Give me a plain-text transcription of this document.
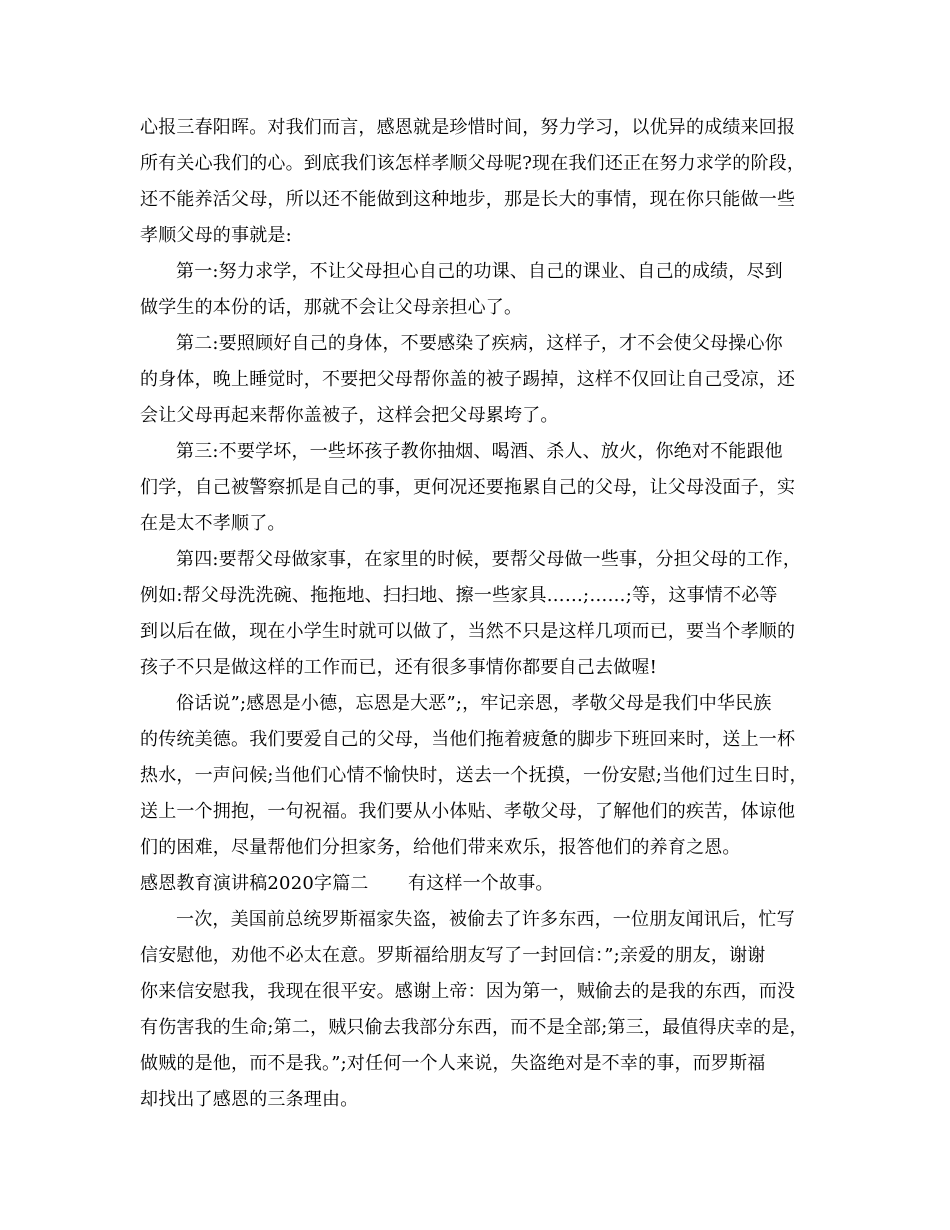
心报三春阳晖。对我们而言，感恩就是珍惜时间，努力学习，以优异的成绩来回报
所有关心我们的心。到底我们该怎样孝顺父母呢?现在我们还正在努力求学的阶段，
还不能养活父母，所以还不能做到这种地步，那是长大的事情，现在你只能做一些
孝顺父母的事就是:
第一:努力求学，不让父母担心自己的功课、自己的课业、自己的成绩，尽到
做学生的本份的话，那就不会让父母亲担心了。
第二:要照顾好自己的身体，不要感染了疾病，这样子，才不会使父母操心你
的身体，晚上睡觉时，不要把父母帮你盖的被子踢掉，这样不仅回让自己受凉，还
会让父母再起来帮你盖被子，这样会把父母累垮了。
第三:不要学坏，一些坏孩子教你抽烟、喝酒、杀人、放火，你绝对不能跟他
们学，自己被警察抓是自己的事，更何况还要拖累自己的父母，让父母没面子，实
在是太不孝顺了。
第四:要帮父母做家事，在家里的时候，要帮父母做一些事，分担父母的工作，
例如:帮父母洗洗碗、拖拖地、扫扫地、擦一些家具……;……;等，这事情不必等
到以后在做，现在小学生时就可以做了，当然不只是这样几项而已，要当个孝顺的
孩子不只是做这样的工作而已，还有很多事情你都要自己去做喔!
俗话说”;感恩是小德，忘恩是大恶”;，牢记亲恩，孝敬父母是我们中华民族
的传统美德。我们要爱自己的父母，当他们拖着疲惫的脚步下班回来时，送上一杯
热水，一声问候;当他们心情不愉快时，送去一个抚摸，一份安慰;当他们过生日时，
送上一个拥抱，一句祝福。我们要从小体贴、孝敬父母，了解他们的疾苦，体谅他
们的困难，尽量帮他们分担家务，给他们带来欢乐，报答他们的养育之恩。
感恩教育演讲稿2020字篇二 有这样一个故事。
一次，美国前总统罗斯福家失盗，被偷去了许多东西，一位朋友闻讯后，忙写
信安慰他，劝他不必太在意。罗斯福给朋友写了一封回信：”;亲爱的朋友，谢谢
你来信安慰我，我现在很平安。感谢上帝：因为第一，贼偷去的是我的东西，而没
有伤害我的生命;第二，贼只偷去我部分东西，而不是全部;第三，最值得庆幸的是，
做贼的是他，而不是我。”;对任何一个人来说，失盗绝对是不幸的事，而罗斯福
却找出了感恩的三条理由。
